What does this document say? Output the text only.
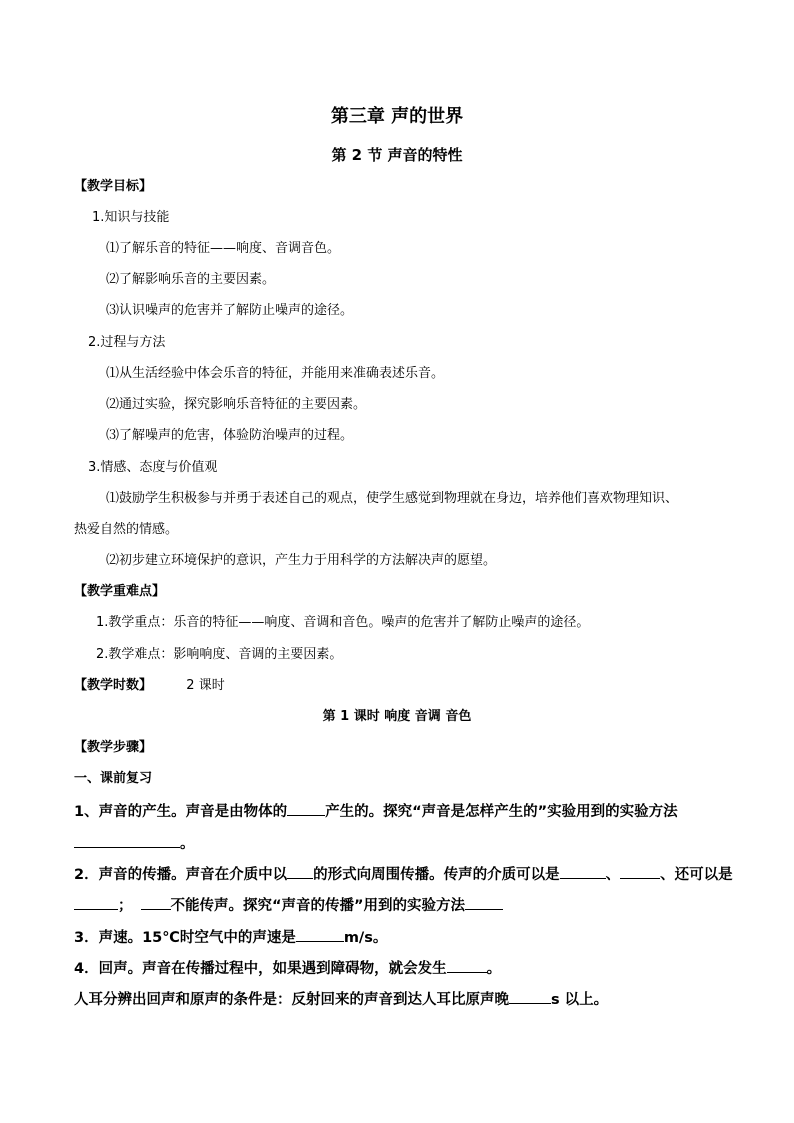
第三章 声的世界
第 2 节 声音的特性
【教学目标】
1.知识与技能
⑴了解乐音的特征——响度、音调音色。
⑵了解影响乐音的主要因素。
⑶认识噪声的危害并了解防止噪声的途径。
2.过程与方法
⑴从生活经验中体会乐音的特征，并能用来准确表述乐音。
⑵通过实验，探究影响乐音特征的主要因素。
⑶了解噪声的危害，体验防治噪声的过程。
3.情感、态度与价值观
⑴鼓励学生积极参与并勇于表述自己的观点，使学生感觉到物理就在身边，培养他们喜欢物理知识、
热爱自然的情感。
⑵初步建立环境保护的意识，产生力于用科学的方法解决声的愿望。
【教学重难点】
1.教学重点：乐音的特征——响度、音调和音色。噪声的危害并了解防止噪声的途径。
2.教学难点：影响响度、音调的主要因素。
【教学时数】	2 课时
第 1 课时 响度 音调 音色
【教学步骤】
一、课前复习
1、声音的产生。声音是由物体的	产生的。探究“声音是怎样产生的”实验用到的实验方法
。
2．声音的传播。声音在介质中以 的形式向周围传播。传声的介质可以是	、	、还可以是
；	不能传声。探究“声音的传播”用到的实验方法
3．声速。15℃时空气中的声速是	m/s。
4．回声。声音在传播过程中，如果遇到障碍物，就会发生	。
人耳分辨出回声和原声的条件是：反射回来的声音到达人耳比原声晚	s 以上。
